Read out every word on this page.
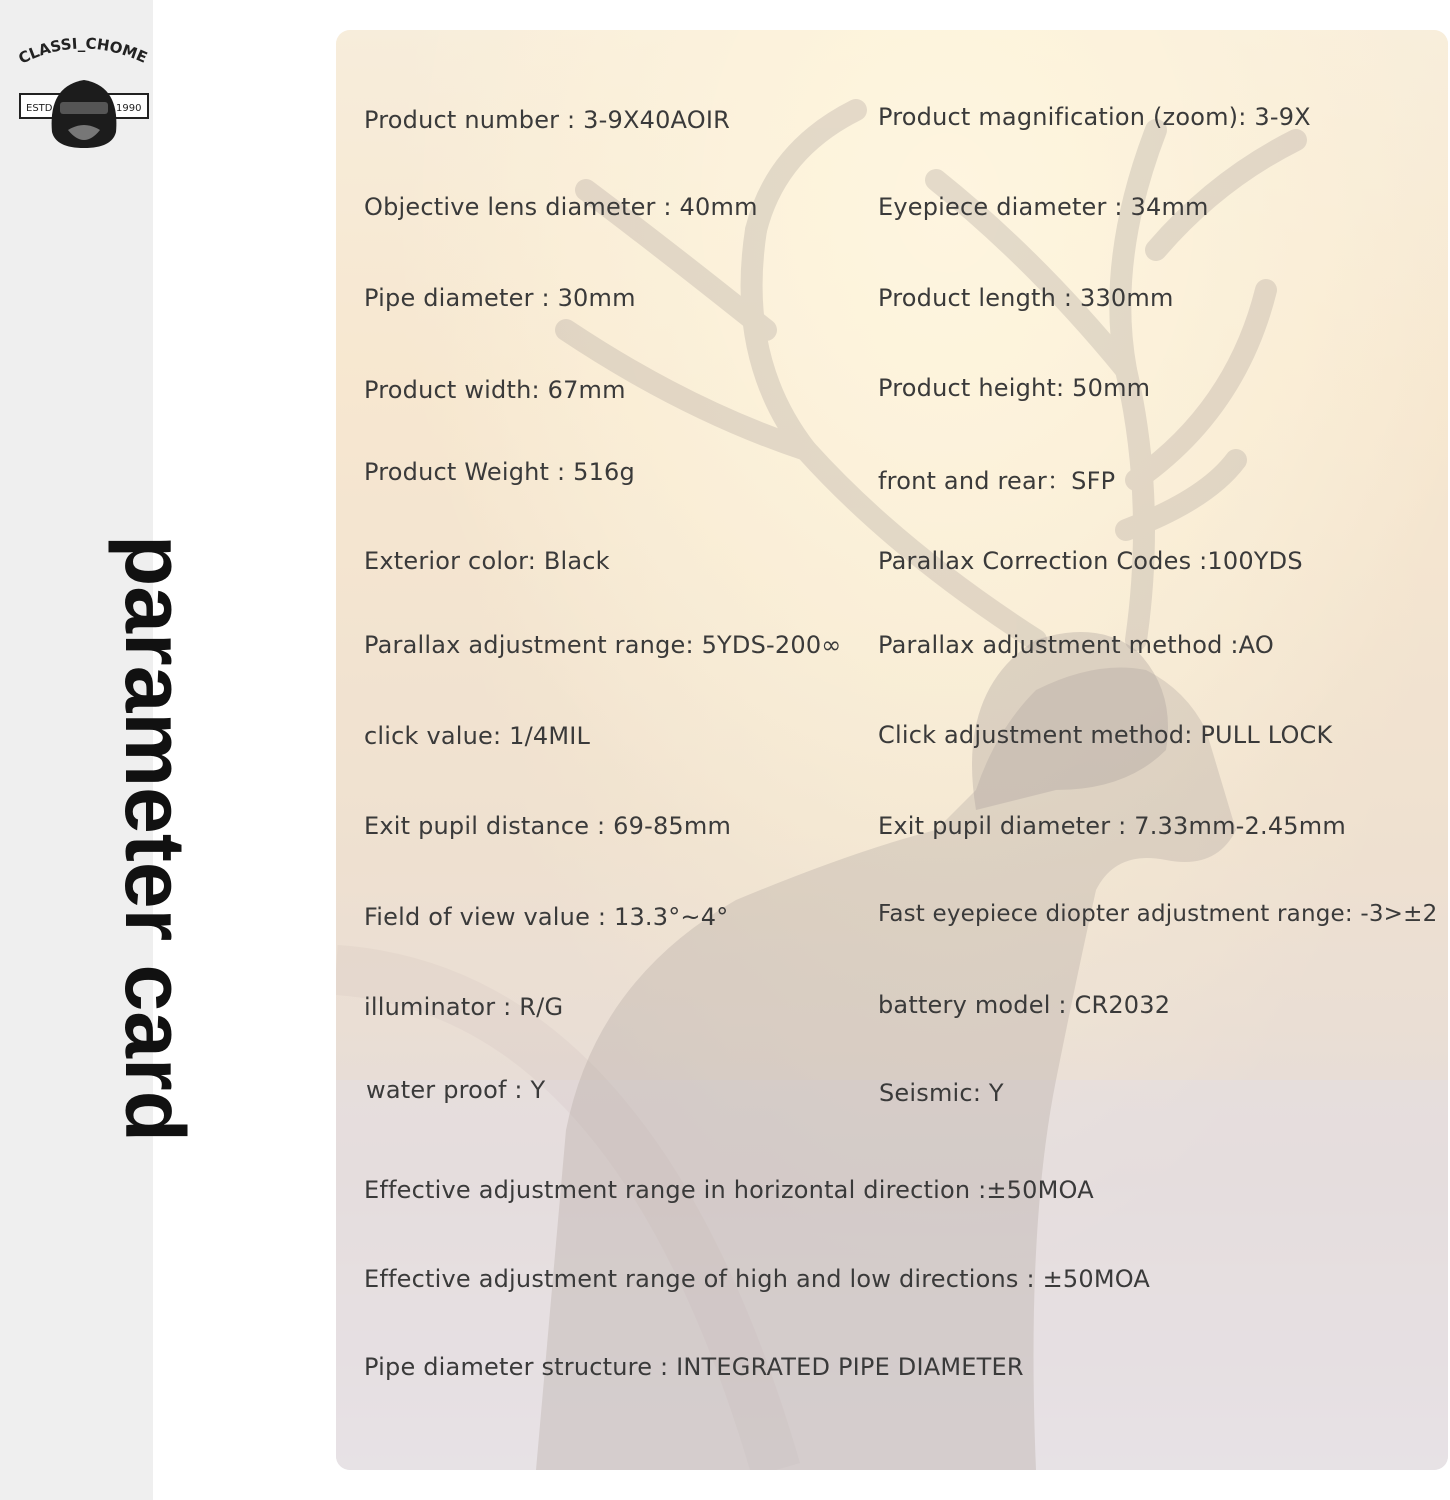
CLASSI_CHOME
ESTD	1990
parameter card
Product number : 3-9X40AOIR	Product magnification (zoom): 3-9X
Objective lens diameter : 40mm	Eyepiece diameter : 34mm
Pipe diameter : 30mm	Product length : 330mm
Product width: 67mm	Product height: 50mm
Product Weight : 516g	front and rear：SFP
Exterior color: Black	Parallax Correction Codes :100YDS
Parallax adjustment range: 5YDS-200∞ Parallax adjustment method :AO
click value: 1/4MIL	Click adjustment method: PULL LOCK
Exit pupil distance : 69-85mm	Exit pupil diameter : 7.33mm-2.45mm
Field of view value : 13.3°~4°	Fast eyepiece diopter adjustment range: -3>±2
illuminator : R/G	battery model : CR2032
water proof : Y	Seismic: Y
Effective adjustment range in horizontal direction :±50MOA
Effective adjustment range of high and low directions : ±50MOA
Pipe diameter structure : INTEGRATED PIPE DIAMETER
